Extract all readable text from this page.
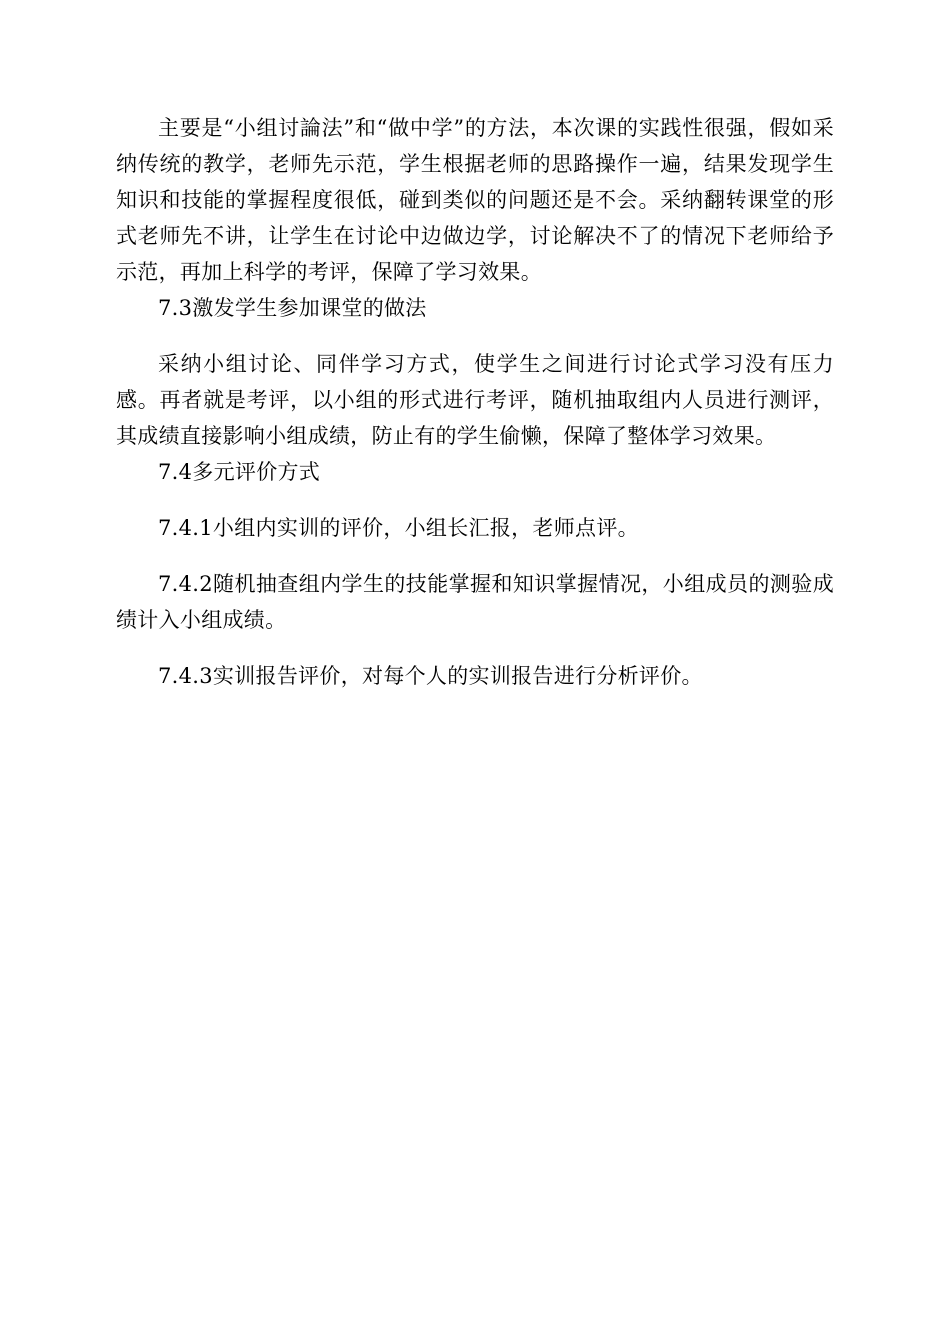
主要是“小组讨論法”和“做中学”的方法，本次课的实践性很强，假如采纳传统的教学，老师先示范，学生根据老师的思路操作一遍，结果发现学生知识和技能的掌握程度很低，碰到类似的问题还是不会。采纳翻转课堂的形式老师先不讲，让学生在讨论中边做边学，讨论解决不了的情况下老师给予示范，再加上科学的考评，保障了学习效果。

7.3激发学生参加课堂的做法

采纳小组讨论、同伴学习方式，使学生之间进行讨论式学习没有压力感。再者就是考评，以小组的形式进行考评，随机抽取组内人员进行测评，其成绩直接影响小组成绩，防止有的学生偷懒，保障了整体学习效果。

7.4多元评价方式

7.4.1小组内实训的评价，小组长汇报，老师点评。

7.4.2随机抽查组内学生的技能掌握和知识掌握情况，小组成员的测验成绩计入小组成绩。

7.4.3实训报告评价，对每个人的实训报告进行分析评价。
